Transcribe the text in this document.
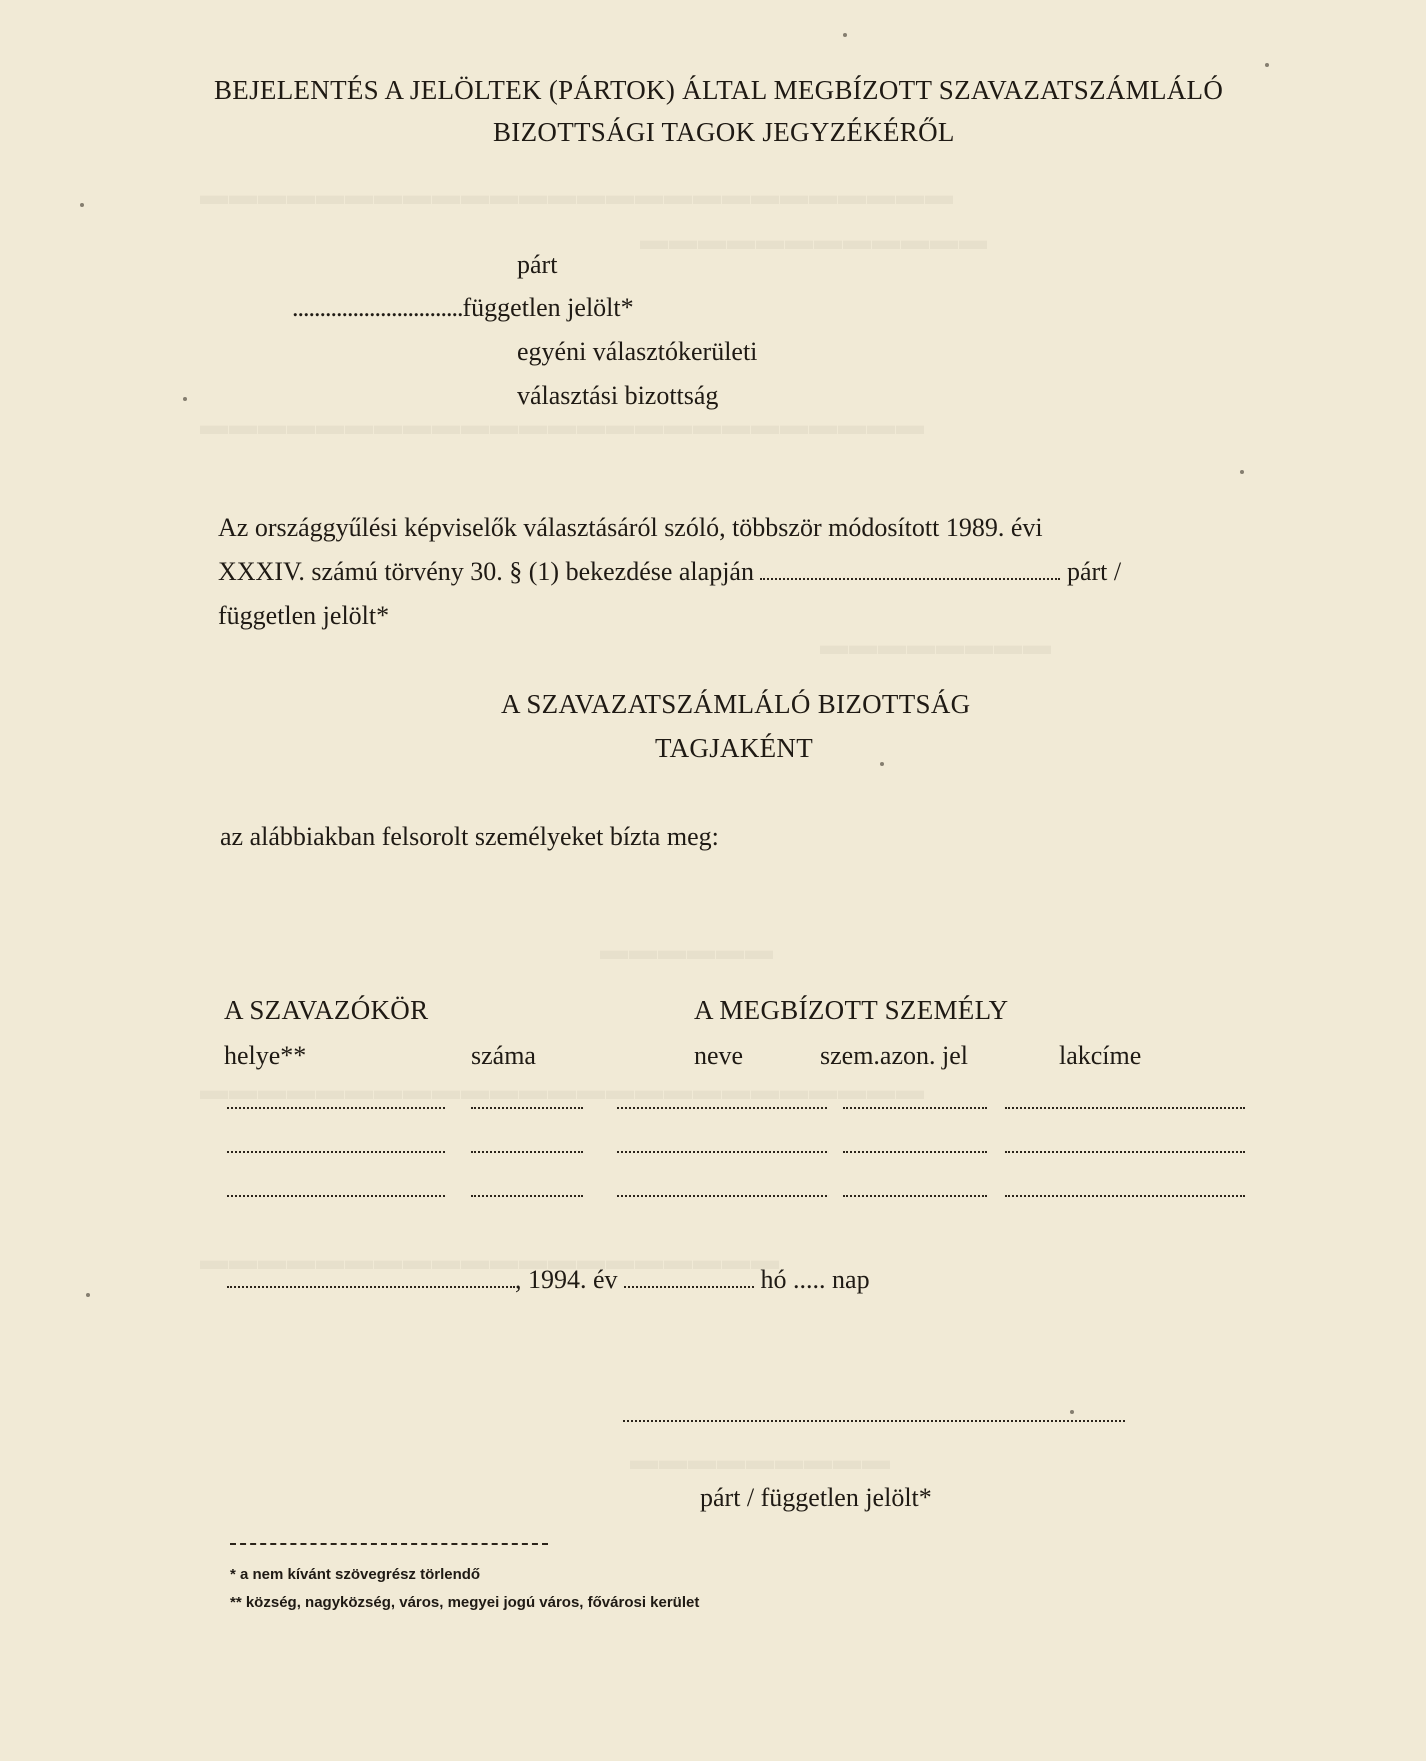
BEJELENTÉS A JELÖLTEK (PÁRTOK) ÁLTAL MEGBÍZOTT SZAVAZATSZÁMLÁLÓ
BIZOTTSÁGI TAGOK JEGYZÉKÉRŐL
párt
...............................független jelölt*
egyéni választókerületi
választási bizottság
Az országgyűlési képviselők választásáról szóló, többször módosított 1989. évi
XXXIV. számú törvény 30. § (1) bekezdése alapján	párt /
független jelölt*
A SZAVAZATSZÁMLÁLÓ BIZOTTSÁG
TAGJAKÉNT
az alábbiakban felsorolt személyeket bízta meg:
A SZAVAZÓKÖR	A MEGBÍZOTT SZEMÉLY
helye**	száma	neve	szem.azon. jel	lakcíme
, 1994. év	hó ..... nap
párt / független jelölt*
* a nem kívánt szövegrész törlendő
** község, nagyközség, város, megyei jogú város, fővárosi kerület
